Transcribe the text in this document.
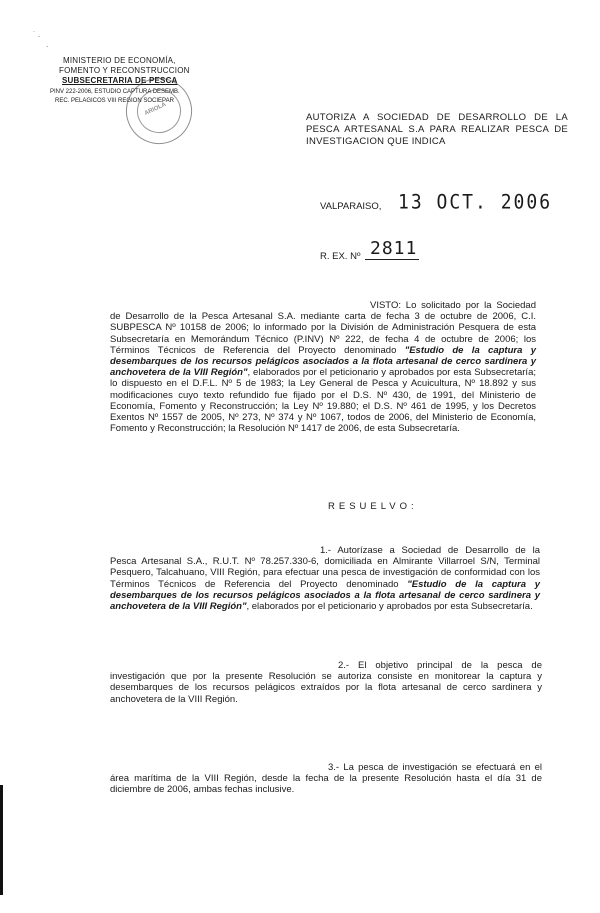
˙ .
.
MINISTERIO DE ECONOMÍA,
FOMENTO Y RECONSTRUCCION
SUBSECRETARIA DE PESCA
PINV 222-2006, ESTUDIO CAPTURA DESEMB.
REC. PELAGICOS VIII REGION SOCIEPAR
ARIOLA
AUTORIZA A SOCIEDAD DE DESARROLLO DE LA PESCA ARTESANAL S.A PARA REALIZAR PESCA DE INVESTIGACION QUE INDICA
VALPARAISO, 13 OCT. 2006
R. EX. Nº 2811
VISTO: Lo solicitado por la Sociedad de Desarrollo de la Pesca Artesanal S.A. mediante carta de fecha 3 de octubre de 2006, C.I. SUBPESCA Nº 10158 de 2006; lo informado por la División de Administración Pesquera de esta Subsecretaría en Memorándum Técnico (P.INV) Nº 222, de fecha 4 de octubre de 2006; los Términos Técnicos de Referencia del Proyecto denominado "Estudio de la captura y desembarques de los recursos pelágicos asociados a la flota artesanal de cerco sardinera y anchovetera de la VIII Región", elaborados por el peticionario y aprobados por esta Subsecretaría; lo dispuesto en el D.F.L. Nº 5 de 1983; la Ley General de Pesca y Acuicultura, Nº 18.892 y sus modificaciones cuyo texto refundido fue fijado por el D.S. Nº 430, de 1991, del Ministerio de Economía, Fomento y Reconstrucción; la Ley Nº 19.880; el D.S. Nº 461 de 1995, y los Decretos Exentos Nº 1557 de 2005, Nº 273, Nº 374 y Nº 1067, todos de 2006, del Ministerio de Economía, Fomento y Reconstrucción; la Resolución Nº 1417 de 2006, de esta Subsecretaría.
RESUELVO:
1.- Autorízase a Sociedad de Desarrollo de la Pesca Artesanal S.A., R.U.T. Nº 78.257.330-6, domiciliada en Almirante Villarroel S/N, Terminal Pesquero, Talcahuano, VIII Región, para efectuar una pesca de investigación de conformidad con los Términos Técnicos de Referencia del Proyecto denominado "Estudio de la captura y desembarques de los recursos pelágicos asociados a la flota artesanal de cerco sardinera y anchovetera de la VIII Región", elaborados por el peticionario y aprobados por esta Subsecretaría.
2.- El objetivo principal de la pesca de investigación que por la presente Resolución se autoriza consiste en monitorear la captura y desembarques de los recursos pelágicos extraídos por la flota artesanal de cerco sardinera y anchovetera de la VIII Región.
3.- La pesca de investigación se efectuará en el área marítima de la VIII Región, desde la fecha de la presente Resolución hasta el día 31 de diciembre de 2006, ambas fechas inclusive.
